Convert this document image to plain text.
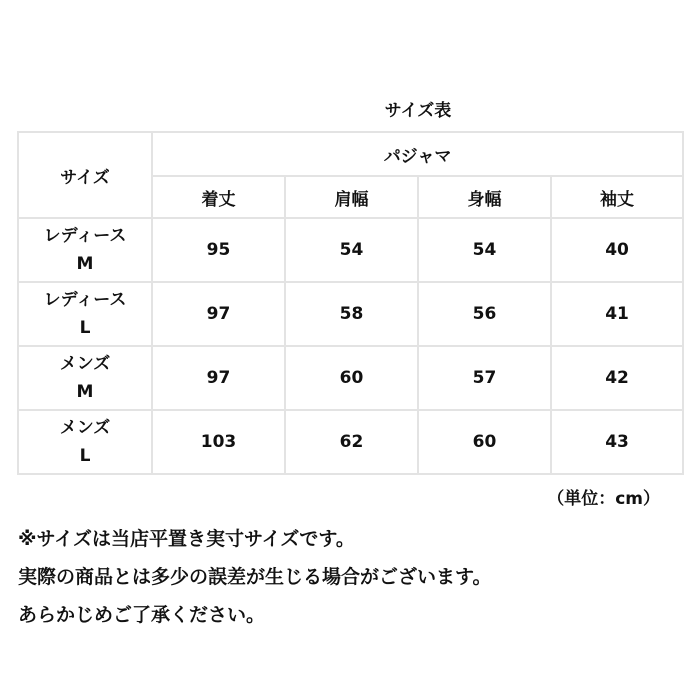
サイズ表
サイズ	パジャマ			
	着丈	肩幅	身幅	袖丈

レディース
M	95	54	54	40

レディース
L	97	58	56	41

メンズ
M	97	60	57	42

メンズ
L	103	62	60	43
（単位：cm）
※サイズは当店平置き実寸サイズです。
実際の商品とは多少の誤差が生じる場合がございます。
あらかじめご了承ください。
